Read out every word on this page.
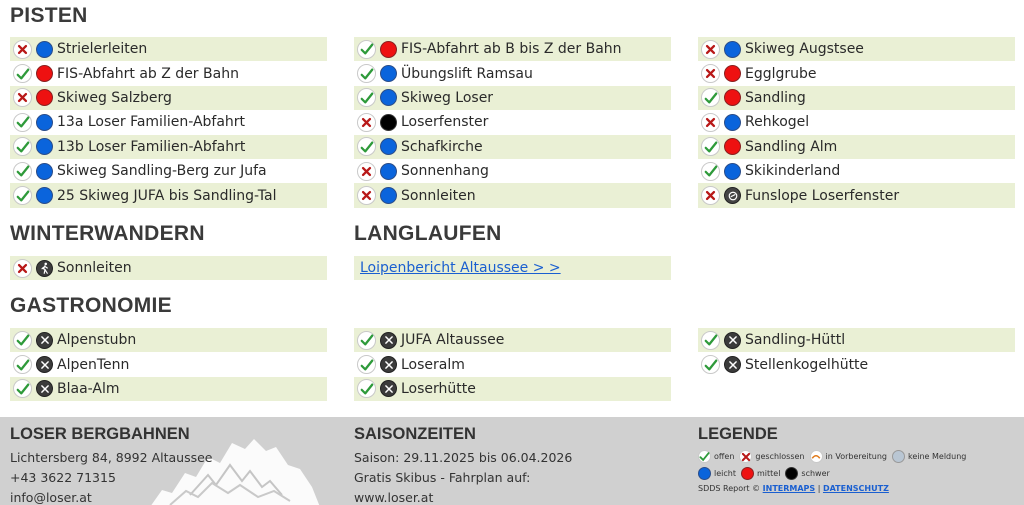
PISTEN
WINTERWANDERN	LANGLAUFEN
GASTRONOMIE
Strielerleiten
FIS-Abfahrt ab Z der Bahn
Skiweg Salzberg
13a Loser Familien-Abfahrt
13b Loser Familien-Abfahrt
Skiweg Sandling-Berg zur Jufa
25 Skiweg JUFA bis Sandling-Tal
FIS-Abfahrt ab B bis Z der Bahn
Übungslift Ramsau
Skiweg Loser
Loserfenster
Schafkirche
Sonnenhang
Sonnleiten
Skiweg Augstsee
Egglgrube
Sandling
Rehkogel
Sandling Alm
Skikinderland
Funslope Loserfenster
Sonnleiten	Loipenbericht Altaussee > >
Alpenstubn
AlpenTenn
Blaa-Alm
JUFA Altaussee
Loseralm
Loserhütte
Sandling-Hüttl
Stellenkogelhütte
LOSER BERGBAHNEN

Lichtersberg 84, 8992 Altaussee

+43 3622 71315

info@loser.at

SAISONZEITEN

Saison: 29.11.2025 bis 06.04.2026

Gratis Skibus - Fahrplan auf:

www.loser.at

LEGENDE
offen	geschlossen	in Vorbereitung	keine Meldung
leicht	mittel	schwer
SDDS Report © INTERMAPS | DATENSCHUTZ
